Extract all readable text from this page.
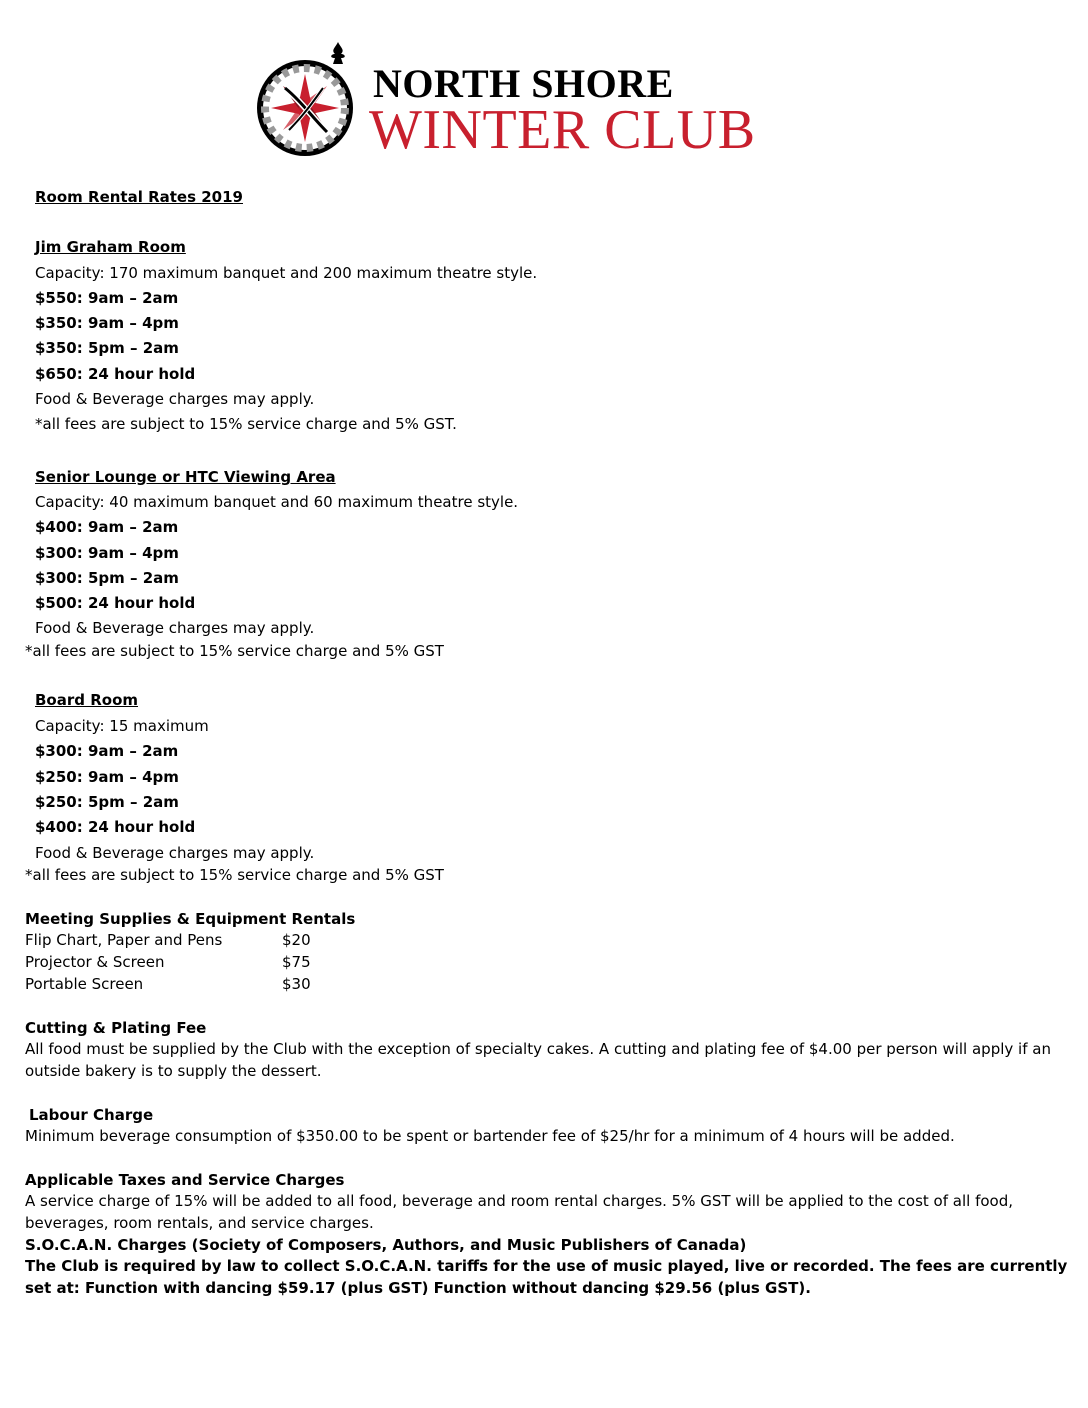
NORTH SHORE
WINTER CLUB
Room Rental Rates 2019
Jim Graham Room
Capacity: 170 maximum banquet and 200 maximum theatre style.
$550: 9am – 2am
$350: 9am – 4pm
$350: 5pm – 2am
$650: 24 hour hold
Food & Beverage charges may apply.
*all fees are subject to 15% service charge and 5% GST.
Senior Lounge or HTC Viewing Area
Capacity: 40 maximum banquet and 60 maximum theatre style.
$400: 9am – 2am
$300: 9am – 4pm
$300: 5pm – 2am
$500: 24 hour hold
Food & Beverage charges may apply.
*all fees are subject to 15% service charge and 5% GST
Board Room
Capacity: 15 maximum
$300: 9am – 2am
$250: 9am – 4pm
$250: 5pm – 2am
$400: 24 hour hold
Food & Beverage charges may apply.
*all fees are subject to 15% service charge and 5% GST
Meeting Supplies & Equipment Rentals
Flip Chart, Paper and Pens	$20
Projector & Screen	$75
Portable Screen	$30
Cutting & Plating Fee
All food must be supplied by the Club with the exception of specialty cakes. A cutting and plating fee of $4.00 per person will apply if an outside bakery is to supply the dessert.
Labour Charge
Minimum beverage consumption of $350.00 to be spent or bartender fee of $25/hr for a minimum of 4 hours will be added.
Applicable Taxes and Service Charges
A service charge of 15% will be added to all food, beverage and room rental charges. 5% GST will be applied to the cost of all food, beverages, room rentals, and service charges.
S.O.C.A.N. Charges (Society of Composers, Authors, and Music Publishers of Canada)
The Club is required by law to collect S.O.C.A.N. tariffs for the use of music played, live or recorded. The fees are currently set at: Function with dancing $59.17 (plus GST) Function without dancing $29.56 (plus GST).
